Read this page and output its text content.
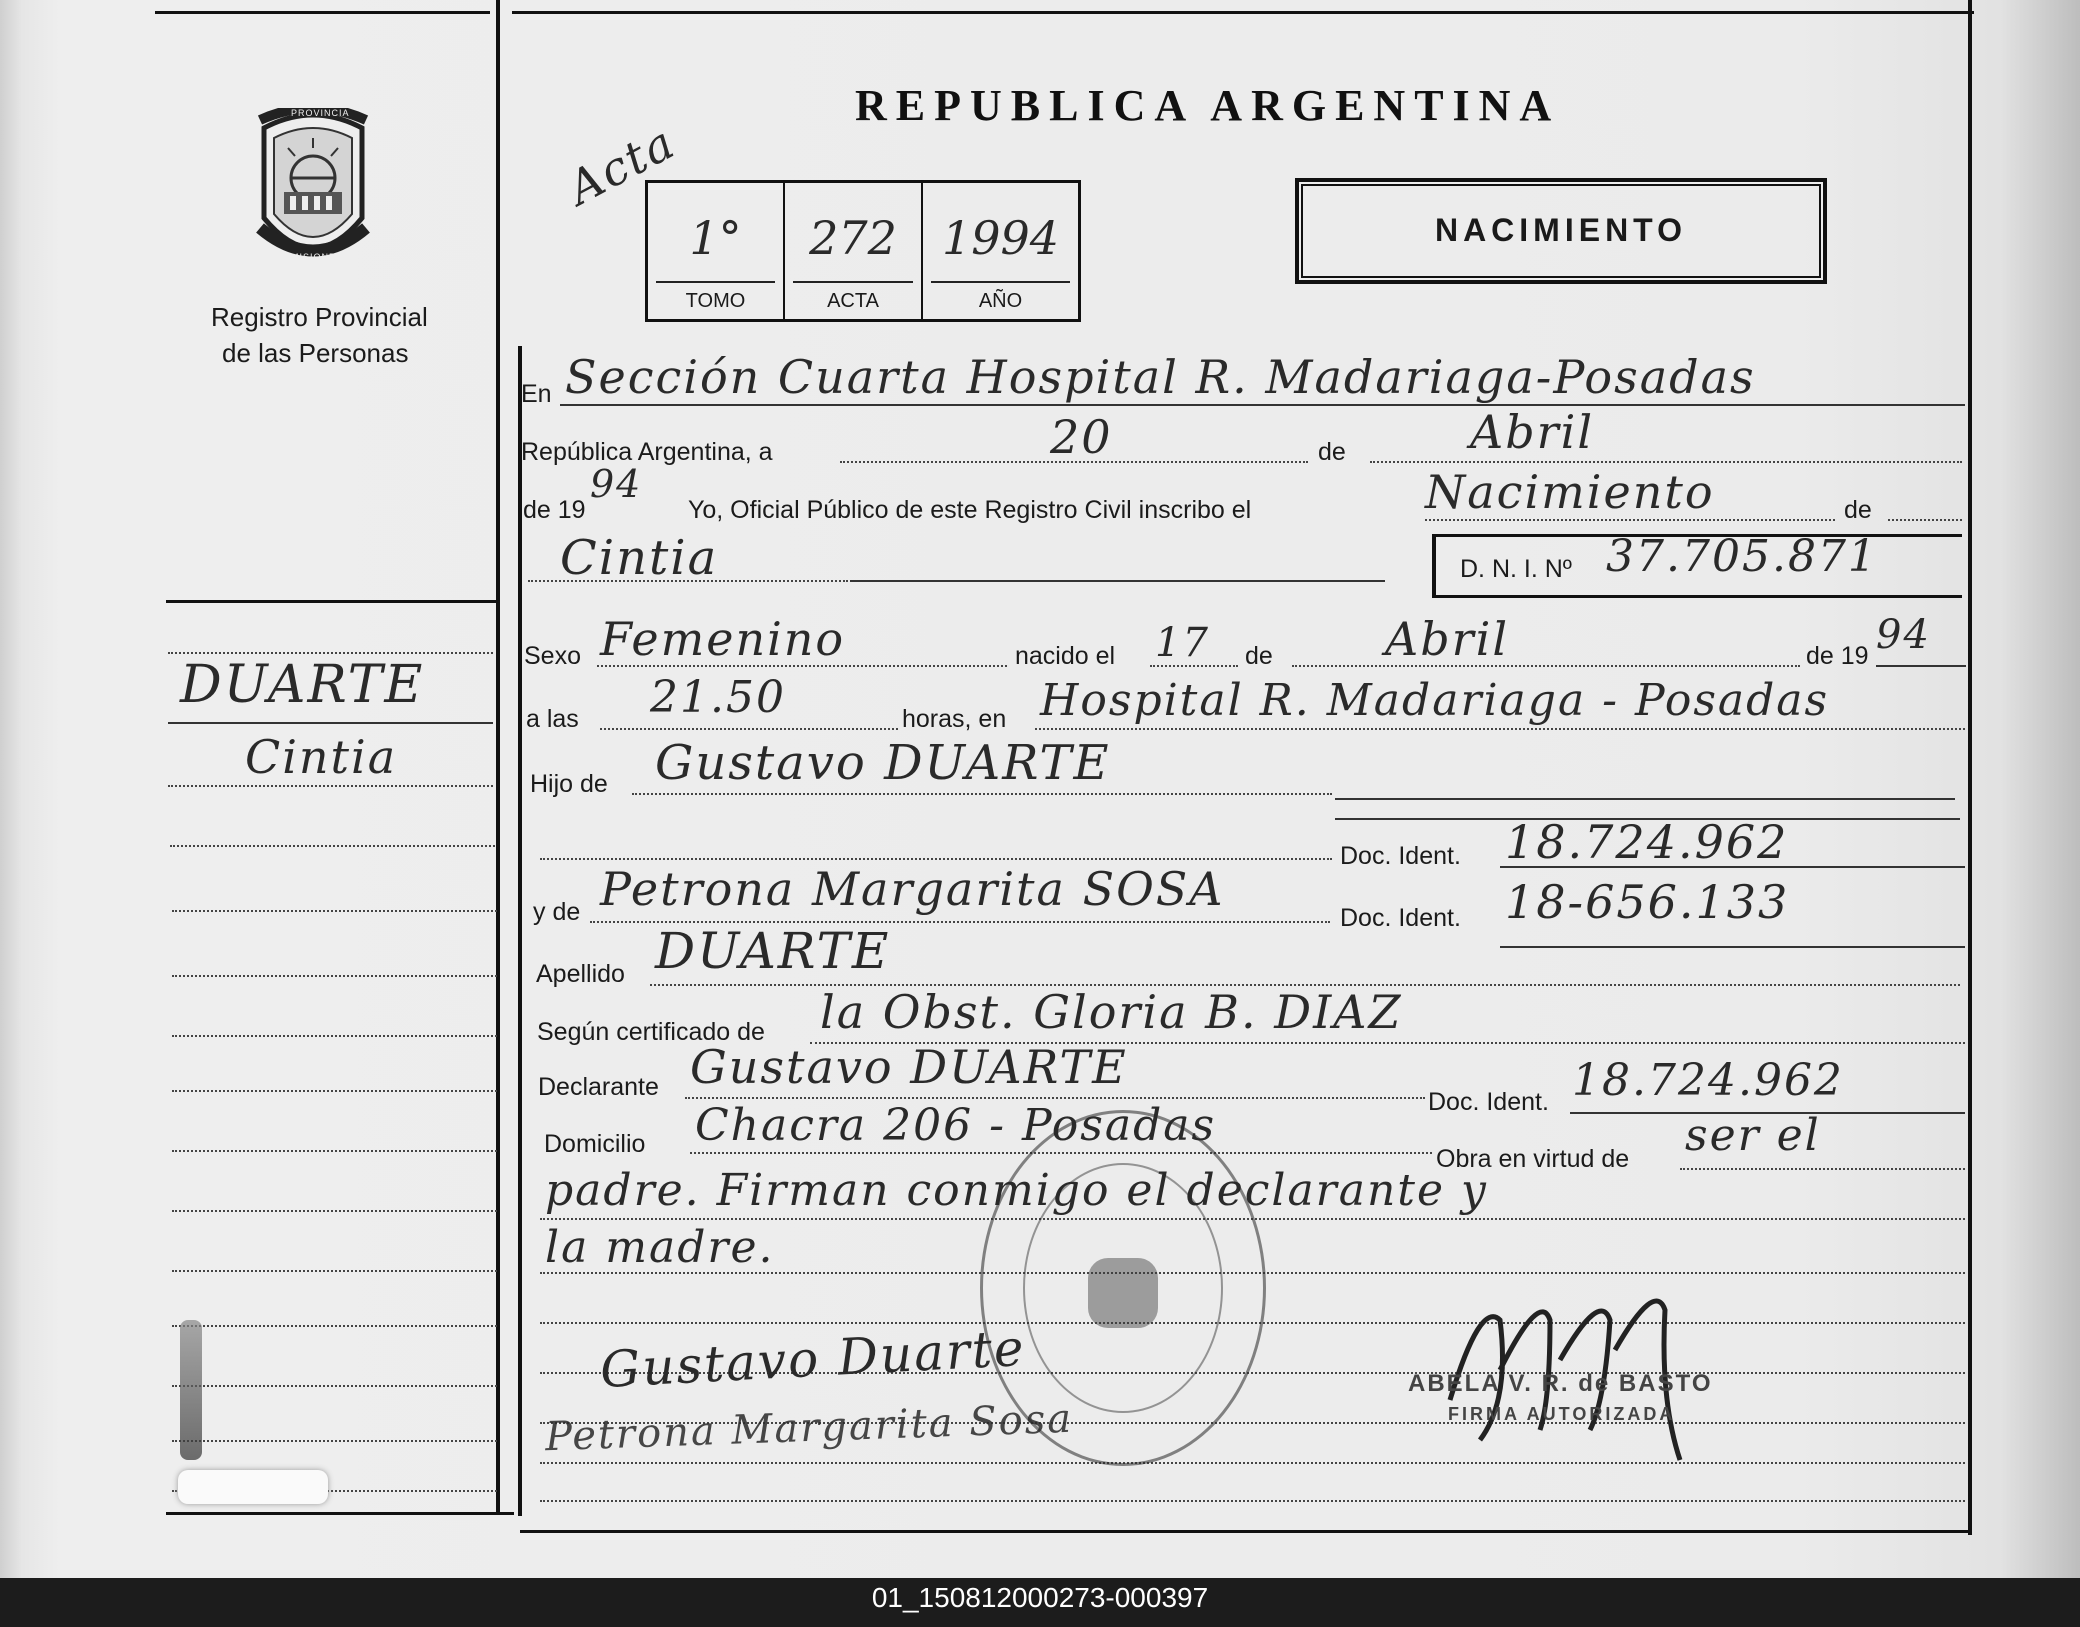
PROVINCIA
MISIONES
Registro Provincial
de las Personas
REPUBLICA ARGENTINA
Acta
1°
TOMO
272
ACTA
1994
AÑO
NACIMIENTO
En Sección Cuarta Hospital R. Madariaga-Posadas
República Argentina, a	20	de	Abril
de 19
94
Yo, Oficial Público de este Registro Civil inscribo el	Nacimiento	de
Cintia	D. N. I. Nº 37.705.871
Sexo Femenino	nacido el 17 de Abril	de 19 94
a las 21.50	horas, en Hospital R. Madariaga - Posadas
Hijo de Gustavo DUARTE
Doc. Ident. 18.724.962
y de Petrona Margarita SOSA
Doc. Ident. 18-656.133
Apellido DUARTE
Según certificado de la Obst. Gloria B. DIAZ
Declarante Gustavo DUARTE
Doc. Ident. 18.724.962
Domicilio Chacra 206 - Posadas
Obra en virtud de ser el
padre. Firman conmigo el declarante y
la madre.
DUARTE
Cintia
Gustavo Duarte
Petrona Margarita Sosa
ABELA V. R. de BASTO
FIRMA AUTORIZADA
01_150812000273-000397
